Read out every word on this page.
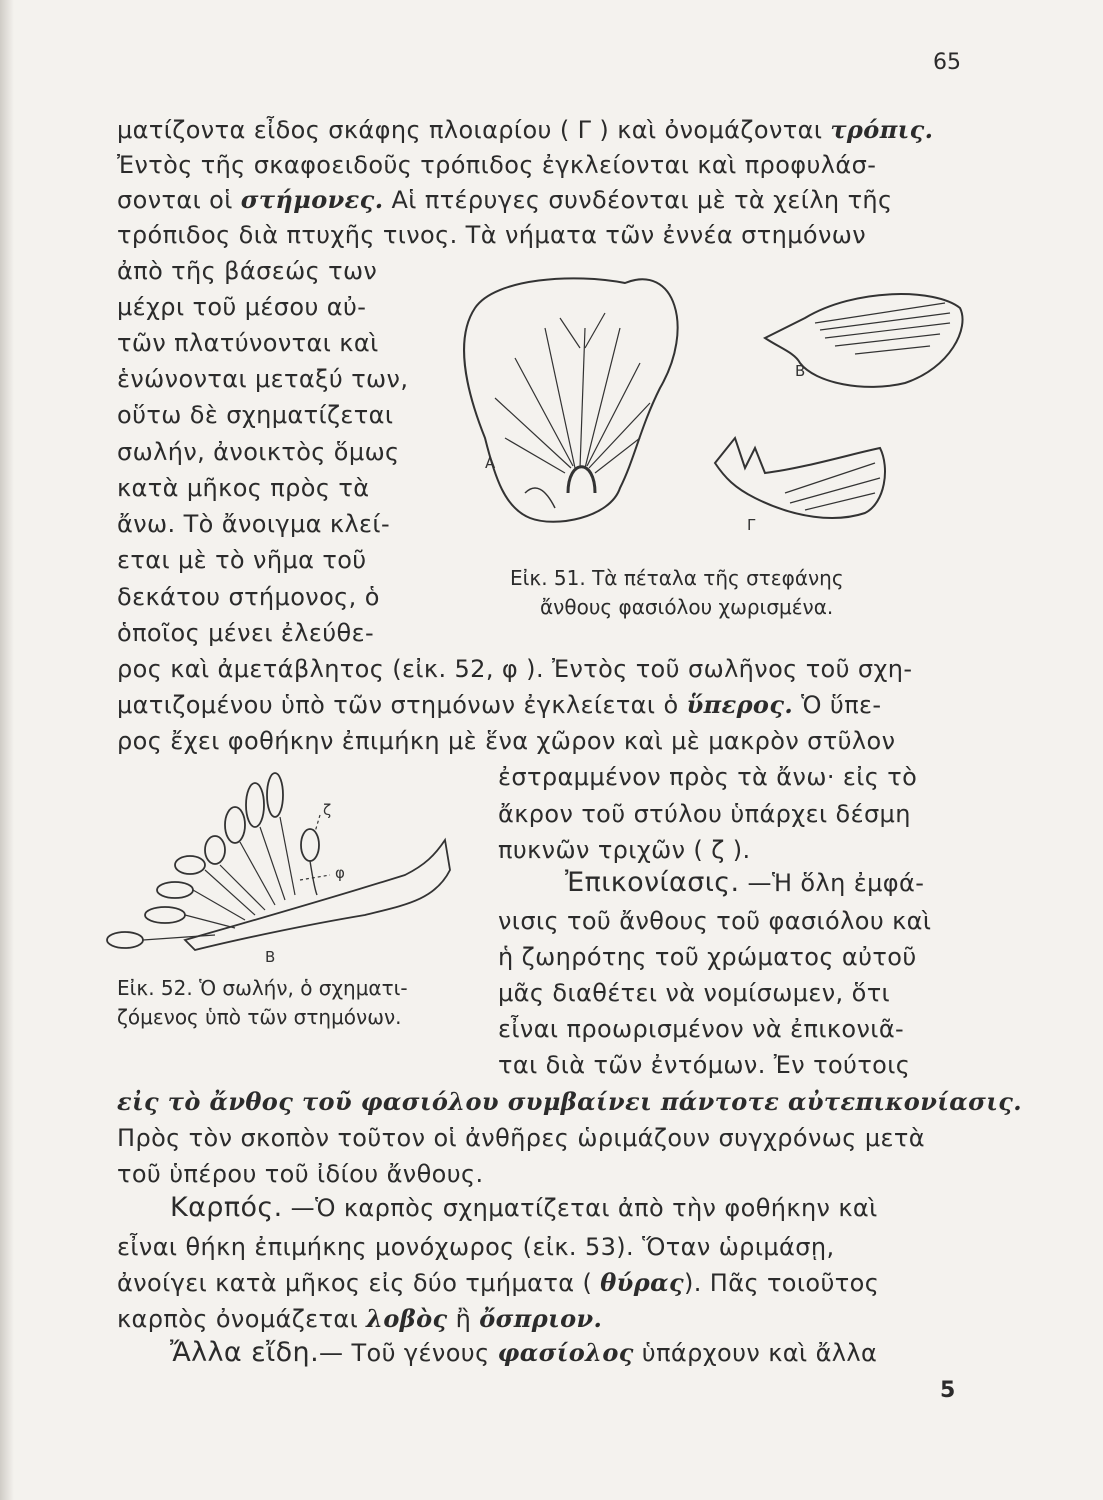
65
ματίζοντα εἶδος σκάφης πλοιαρίου ( Γ ) καὶ ὀνομάζονται τρόπις.
Ἐντὸς τῆς σκαφοειδοῦς τρόπιδος ἐγκλείονται καὶ προφυλάσ-
σονται οἱ στήμονες. Αἱ πτέρυγες συνδέονται μὲ τὰ χείλη τῆς
τρόπιδος διὰ πτυχῆς τινος. Τὰ νήματα τῶν ἐννέα στημόνων
ἀπὸ τῆς βάσεώς των
μέχρι τοῦ μέσου αὐ-
τῶν πλατύνονται καὶ
ἑνώνονται μεταξύ των,
οὕτω δὲ σχηματίζεται
σωλήν, ἀνοικτὸς ὅμως
κατὰ μῆκος πρὸς τὰ
ἄνω. Τὸ ἄνοιγμα κλεί-
εται μὲ τὸ νῆμα τοῦ
δεκάτου στήμονος, ὁ
ὁποῖος μένει ἐλεύθε-
ρος καὶ ἀμετάβλητος (εἰκ. 52, φ ). Ἐντὸς τοῦ σωλῆνος τοῦ σχη-
ματιζομένου ὑπὸ τῶν στημόνων ἐγκλείεται ὁ ὕπερος. Ὁ ὕπε-
ρος ἔχει φοθήκην ἐπιμήκη μὲ ἕνα χῶρον καὶ μὲ μακρὸν στῦλον
ἐστραμμένον πρὸς τὰ ἄνω· εἰς τὸ
ἄκρον τοῦ στύλου ὑπάρχει δέσμη
πυκνῶν τριχῶν ( ζ ).
Ἐπικονίασις. —Ἡ ὅλη ἐμφά-
νισις τοῦ ἄνθους τοῦ φασιόλου καὶ
ἡ ζωηρότης τοῦ χρώματος αὐτοῦ
μᾶς διαθέτει νὰ νομίσωμεν, ὅτι
εἶναι προωρισμένον νὰ ἐπικονιᾶ-
ται διὰ τῶν ἐντόμων. Ἐν τούτοις
εἰς τὸ ἄνθος τοῦ φασιόλου συμβαίνει πάντοτε αὐτεπικονίασις.
Πρὸς τὸν σκοπὸν τοῦτον οἱ ἀνθῆρες ὡριμάζουν συγχρόνως μετὰ
τοῦ ὑπέρου τοῦ ἰδίου ἄνθους.
Καρπός. —Ὁ καρπὸς σχηματίζεται ἀπὸ τὴν φοθήκην καὶ
εἶναι θήκη ἐπιμήκης μονόχωρος (εἰκ. 53). Ὅταν ὡριμάσῃ,
ἀνοίγει κατὰ μῆκος εἰς δύο τμήματα ( θύρας). Πᾶς τοιοῦτος
καρπὸς ὀνομάζεται λοβὸς ἢ ὄσπριον.
Ἄλλα εἴδη.— Τοῦ γένους φασίολος ὑπάρχουν καὶ ἄλλα
5
Α
Β
Γ
Εἰκ. 51. Τὰ πέταλα τῆς στεφάνης
ἄνθους φασιόλου χωρισμένα.
ζ
φ
Β
Εἰκ. 52. Ὁ σωλήν, ὁ σχηματι-
ζόμενος ὑπὸ τῶν στημόνων.
